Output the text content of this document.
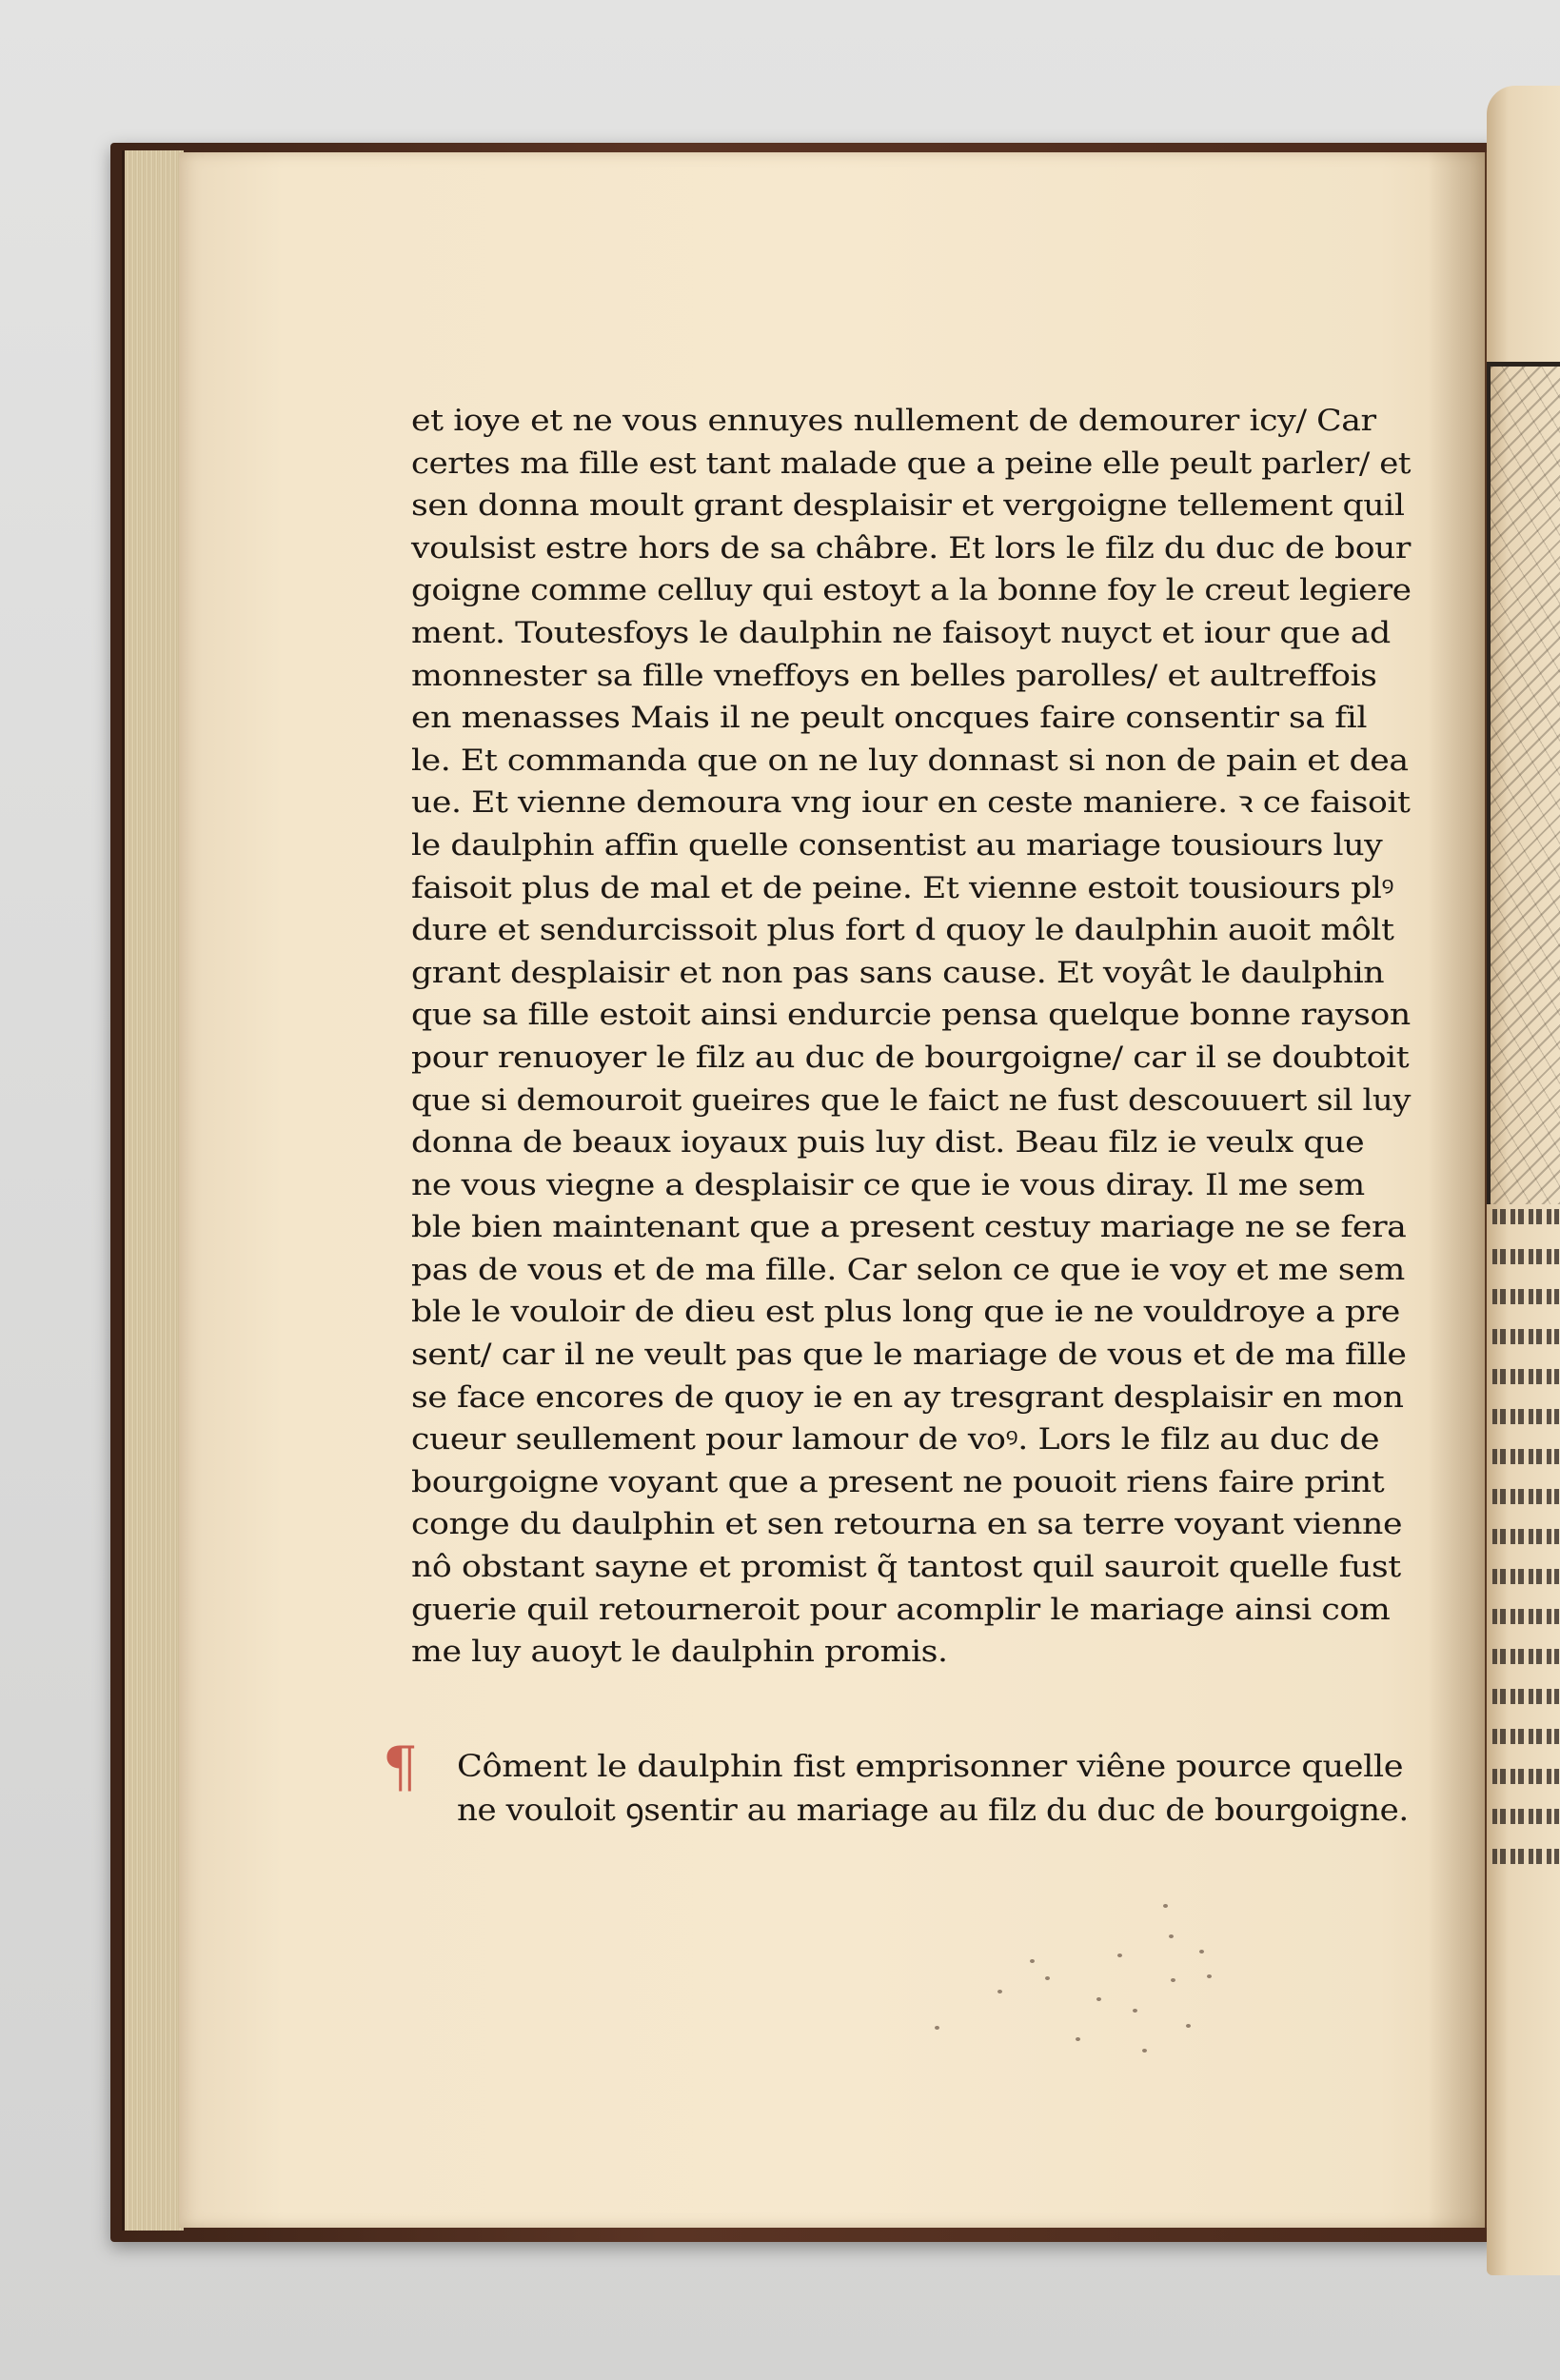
et ioye et ne vous ennuyes nullement de demourer icy/ Car
certes ma fille est tant malade que a peine elle peult parler/ et
sen donna moult grant desplaisir et vergoigne tellement quil
voulsist estre hors de sa châbre. Et lors le filz du duc de bour
goigne comme celluy qui estoyt a la bonne foy le creut legiere
ment. Toutesfoys le daulphin ne faisoyt nuyct et iour que ad
monnester sa fille vneffoys en belles parolles/ et aultreffois
en menasses Mais il ne peult oncques faire consentir sa fil
le. Et commanda que on ne luy donnast si non de pain et dea
ue. Et vienne demoura vng iour en ceste maniere. ꝛ ce faisoit
le daulphin affin quelle consentist au mariage tousiours luy
faisoit plus de mal et de peine. Et vienne estoit tousiours plꝰ
dure et sendurcissoit plus fort d quoy le daulphin auoit môlt
grant desplaisir et non pas sans cause. Et voyât le daulphin
que sa fille estoit ainsi endurcie pensa quelque bonne rayson
pour renuoyer le filz au duc de bourgoigne/ car il se doubtoit
que si demouroit gueires que le faict ne fust descouuert sil luy
donna de beaux ioyaux puis luy dist. Beau filz ie veulx que
ne vous viegne a desplaisir ce que ie vous diray. Il me sem
ble bien maintenant que a present cestuy mariage ne se fera
pas de vous et de ma fille. Car selon ce que ie voy et me sem
ble le vouloir de dieu est plus long que ie ne vouldroye a pre
sent/ car il ne veult pas que le mariage de vous et de ma fille
se face encores de quoy ie en ay tresgrant desplaisir en mon
cueur seullement pour lamour de voꝰ. Lors le filz au duc de
bourgoigne voyant que a present ne pouoit riens faire print
conge du daulphin et sen retourna en sa terre voyant vienne
nô obstant sayne et promist q̃ tantost quil sauroit quelle fust
guerie quil retourneroit pour acomplir le mariage ainsi com
me luy auoyt le daulphin promis.
¶	Côment le daulphin fist emprisonner viêne pource quelle
ne vouloit ꝯsentir au mariage au filz du duc de bourgoigne.
